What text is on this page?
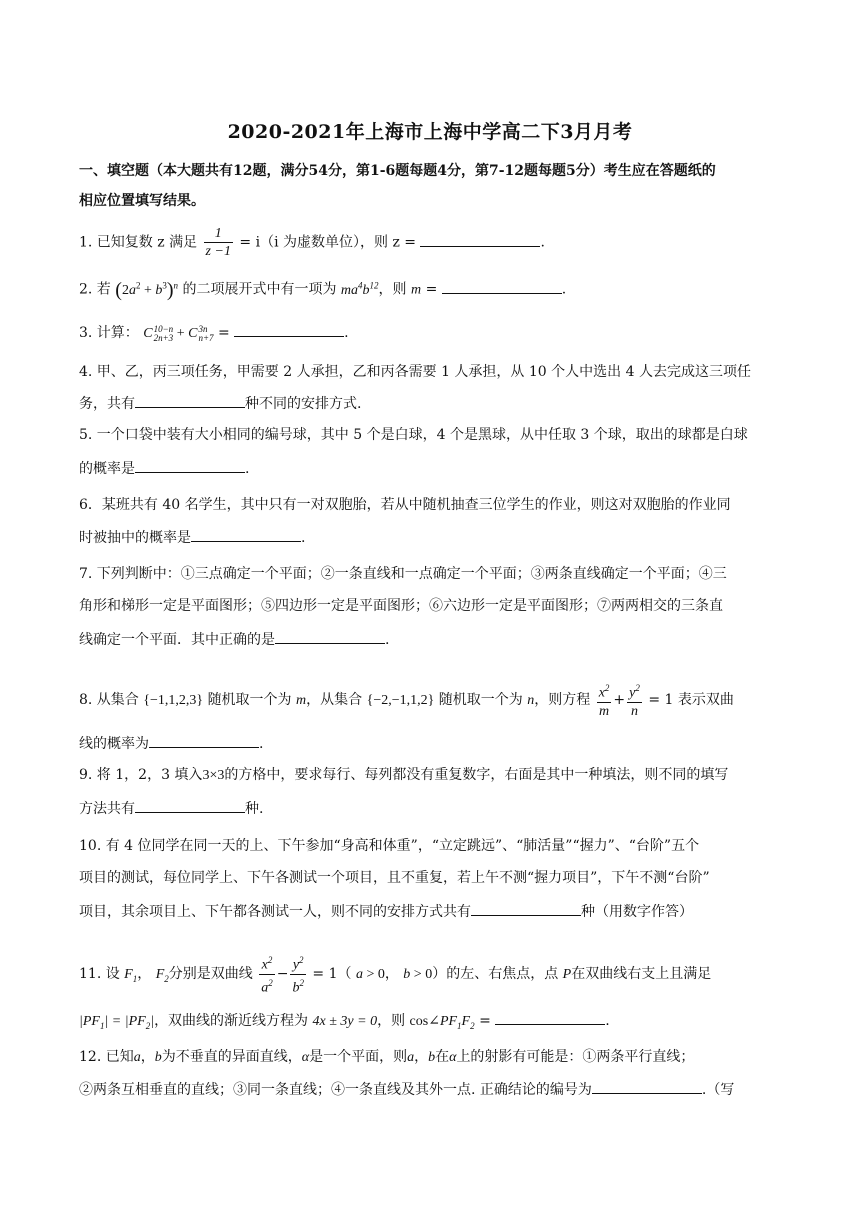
2020-2021年上海市上海中学高二下3月月考
一、填空题（本大题共有12题，满分54分，第1-6题每题4分，第7-12题每题5分）考生应在答题纸的
相应位置填写结果。
1. 已知复数 z 满足 $\frac{1}{z -1} = i(i$ 为虚数单位），则 z =	.
2. 若 $(2a^2 + b^3)^n$ 的二项展开式中有一项为 $ma^4b^{12}$，则 m =	.
3. 计算： C 10−n
2n+3 + C 3n
n+7 =	.
4. 甲、乙，丙三项任务，甲需要 2 人承担，乙和丙各需要 1 人承担，从 10 个人中选出 4 人去完成这三项任
务，共有	种不同的安排方式.
5. 一个口袋中装有大小相同的编号球，其中 5 个是白球，4 个是黑球，从中任取 3 个球，取出的球都是白球
的概率是	.
6．某班共有 40 名学生，其中只有一对双胞胎，若从中随机抽查三位学生的作业，则这对双胞胎的作业同
时被抽中的概率是	.
7. 下列判断中：①三点确定一个平面；②一条直线和一点确定一个平面；③两条直线确定一个平面；④三
角形和梯形一定是平面图形；⑤四边形一定是平面图形；⑥六边形一定是平面图形；⑦两两相交的三条直
线确定一个平面．其中正确的是	.
8. 从集合 {−1,1,2,3} 随机取一个为 m，从集合 {−2,−1,1,2} 随机取一个为 n，则方程 $\frac{x^2}{m} + \frac{y^2}{n} = 1$ 表示双曲
线的概率为	.
9. 将 1，2，3 填入3×3的方格中，要求每行、每列都没有重复数字，右面是其中一种填法，则不同的填写
方法共有	种.
10. 有 4 位同学在同一天的上、下午参加“身高和体重”，“立定跳远”、“肺活量”“握力”、“台阶”五个
项目的测试，每位同学上、下午各测试一个项目，且不重复，若上午不测“握力项目”，下午不测“台阶”
项目，其余项目上、下午都各测试一人，则不同的安排方式共有	种（用数字作答）
11. 设 $F_1$， $F_2$分别是双曲线 $\frac{x^2}{a^2} - \frac{y^2}{b^2} = 1$（ a > 0， b > 0）的左、右焦点，点 P在双曲线右支上且满足
$|PF_1| = |PF_2|$，双曲线的渐近线方程为 4x ± 3y = 0，则 $\cos\angle PF_1F_2$ =	.
12. 已知a，b为不垂直的异面直线，α是一个平面，则a，b在α上的射影有可能是：①两条平行直线；
②两条互相垂直的直线；③同一条直线；④一条直线及其外一点. 正确结论的编号为	.（写
